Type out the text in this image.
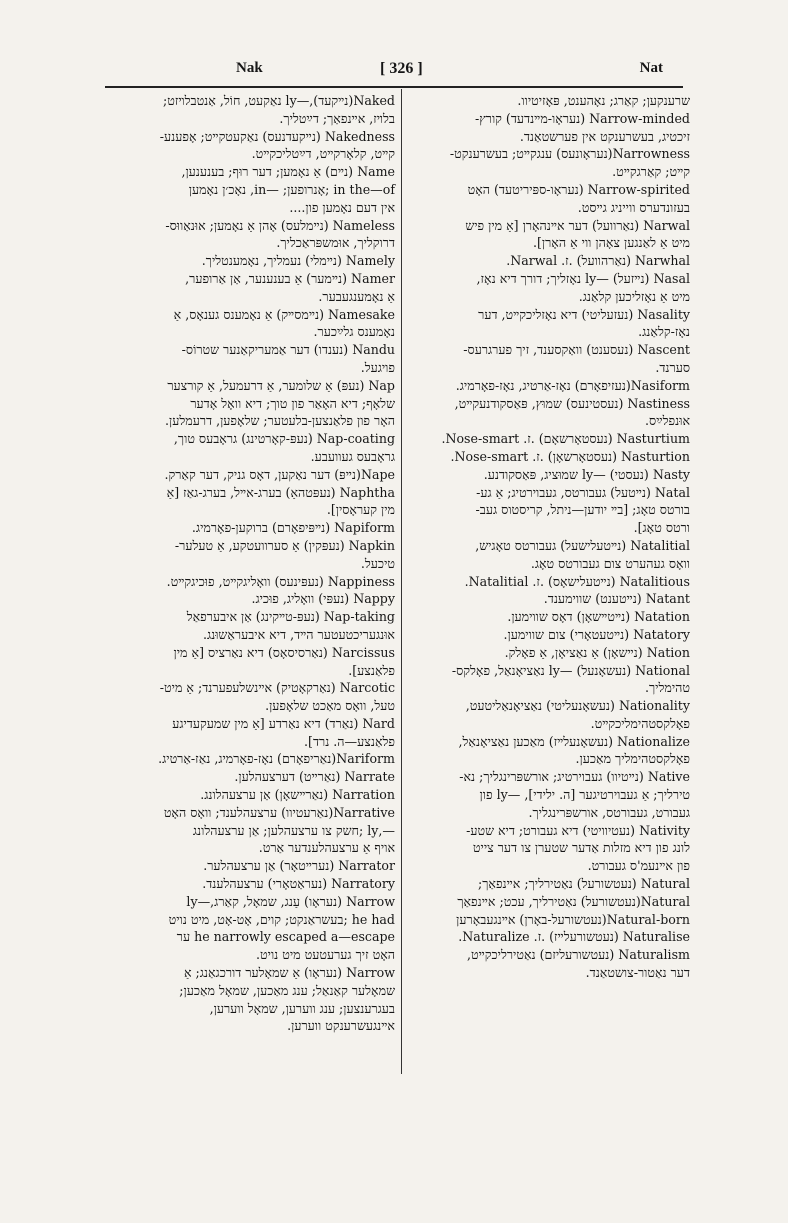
Nak	[ 326 ]	Nat

Naked(נײקעד),—ly נאַקעט, חוֹל, אַנטבלױזט;

בלױז, אײנפאַך; דײַטליך.

Nakedness (נײקעדנעס) נאַקעטקײט; אָפענע-

קײט, קלאָרקײט, דײַטליכקײט.

Name (נײם) אַ נאָמען; דער רוּף; בענענען,

in the—of ;אָנרופען; —in, נאָכ׳ן נאָמען

אין דעם נאָמען פון....

Nameless (נײמלעס) אָהן אַ נאָמען; אוּנאַווּס-

דרוקליך, אוּמשפּראַכליך.

Namely (נײמלי) נעמליך, נאָמענטליך.

Namer (נײמער) אַ בענענער, אַן אַרופער,

אַ נאָמענגעבער.

Namesake (נײמסײק) אַ נאָמענס גענאָס, אַ

נאָמענס גלײַכער.

Nandu (נענדו) דער אַמעריקאַנער שטרוֹס-

פויגעל.

Nap (נעפּ) אַ שלומער, אַ דרעמעל, אַ קורצער

שלאָף; דיא האָאַר פון טוך; דיא וואָל אָדער

האָר פון פלאַנצען-בלעטער; שלאָפען, דרעמלען.

Nap-coating (נעפּ-קאָרטינג) גראָבעס טוך,

גראָבעס געוועבע.

Nape(נײפּ) דער נאַקען, דאָס גניק, דער קאַרק.

Naphtha (נעפּטהאַ) בערג-אײל, בערג-גאַז [אַ

מין קעראָסין].

Napiform (נײפּיפאָרם) ברוקען-פאָרמיג.

Napkin (נעפּקין) אַ סערוועטקע, אַ טעלער-

טיכעל.

Nappiness (נעפּינעס) וואָליגקײט, פוּכיגקײט.

Nappy (נעפּי) וואָליג, פוּכיג.

Nap-taking (נעפּ-טײקינג) אַן איבערפאַל

אוּנגעריכטעטער הײד, דיא איבעראַשוּנג.

Narcissus (נאַרסיסאָס) דיא נאַרציס [אַ מין

פלאַנצע].

Narcotic (נאַרקאָטיק) אײנשלעפערנד; אַ מיט-

טעל, וואָס מאַכט שלאָפען.

Nard (נאַרד) דיא נאַרדע [אַ מין שמעקעדיגע

פלאַנצע—ה. נרד].

Nariform(נאַריפאָרם) נאָז-פאָרמיג, נאַז-אַרטיג.

Narrate (נאַרײט) דערצעהלען.

Narration (נאַרײשאָן) אַן ערצעהלונג.

Narrative(נאַרעטיוו) ערצעהלענד; וואָס האָט

—,ly ;חשק צו ערצעהלען; אַן ערצעהלונג

אויף אַ ערצעהלענדער אַרט.

Narrator (נערײטאָר) אַן ערצעהלער.

Narratory (נעראַטאָרי) ערצעהלענד.

Narrow (נעראָו) עַנג, שמאָל, קאַרג,—ly

he had ;בעשראַנקט; קוים, אָט-אָט, מיט נויט

he narrowly escaped a—escape ער

האָט זיך גערעטעט מיט נויט.

Narrow (נעראָו) אַ שמאָלער דורכגאַנג; אַ

שמאָלער קאַנאַל; ענג מאַכען, שמאָל מאַכען;

בעגרענצען; ענג ווערען, שמאָל ווערען,

אײנגעשרענקט ווערען.

שרענקען; קאַרג; נאָהענט, פּאָזיטיוו.

Narrow-minded (נעראָו-מײנדעד) קורץ-

זיכטיג, בעשרענקט אין פערשטאַנד.

Narrowness(נעראָונעס) ענגקײט; בעשרענקט-

קײט; קאַרגקײט.

Narrow-spirited (נעראָו-ספּיריטעד) האָט

בעזונדערס ווייניג גײסט.

Narwal (נאַרוועל) דער אײנהאָרן [אַ מין פיש

מיט אַ לאַנגען צאָהן ווי אַ האָרן].

Narwhal (נאַרהוועל) .ז. Narwal.

Nasal (נײזעל) —ly נאָזליך; דורך דיא נאָז,

מיט אַ נאָזליכען קלאַנג.

Nasality (נעזעליטי) דיא נאָזליכקײט, דער

נאָז-קלאַנג.

Nascent (נעסענט) וואַקסענד, זיך פערגרעס-

סערנד.

Nasiform(נעזיפאָרם) נאָז-אַרטיג, נאָז-פאָרמיג.

Nastiness (נעסטינעס) שמוּץ, פּאַסקודנעקײט,

אוּנפלײַס.

Nasturtium (נעסטאָרשאָם) .ז. Nose-smart.

Nasturtion (נעסטאָרשאָן) .ז. Nose-smart.

Nasty (נעסטי) —ly שמוּציג, פּאַסקודנע.

Natal (נײטעל) געבורטס, געבוירטיג; אַ גע-

בורטס טאָג; [בײ יודען—ניתל, קריסטוס געב-

ורטס טאָג].

Natalitial (נײטעלישעל) געבורטס טאָגיש,

וואָס געהערט צום געבורטס טאָג.

Natalitious (נײטעלישאָס) .ז. Natalitial.

Natant (נײטענט) שווימענד.

Natation (נײטײשאָן) דאָס שווימען.

Natatory (נײטעטאָרי) צום שווימען.

Nation (נײשאָן) אַ נאַציאָן, אַ פאָלק.

National (נעשאָנעל) —ly נאַציאָנאַל, פאָלקס-

טהימליך.

Nationality (נעשאָנעליטי) נאַציאָנאַליטעט,

פאָלקסטהימליכקײט.

Nationalize (נעשאָנעלײז) מאַכען נאַציאָנאַל,

פאָלקסטהימליך מאַכען.

Native (נײטיוו) געבוירטיג; אורשפּרינגליך; נא-

טירליך; אַ געבוירטיגער [ה. ילידי], —ly פון

געבורט, געבורטס, אורשפּרינגליך.

Nativity (נעטיוויטי) דיא געבורט; דיא שטע-

לונג פון דיא מזלות אַדער שטערן צו דער צייט

פון אײנעמ'ס געבורט.

Natural (נעטשורעל) נאַטירליך; אײנפאַך;

Natural(נעטשורעל) נאַטירליך, עכט; אײנפאַך

Natural-born(נעטשורעל-באָרן) אײנגעבאָרען

Naturalise (נעטשורעלײז) .ז. Naturalize.

Naturalism (נעטשורעליזם) נאַטירליכקײט,

דער נאַטור-צושטאַנד.
